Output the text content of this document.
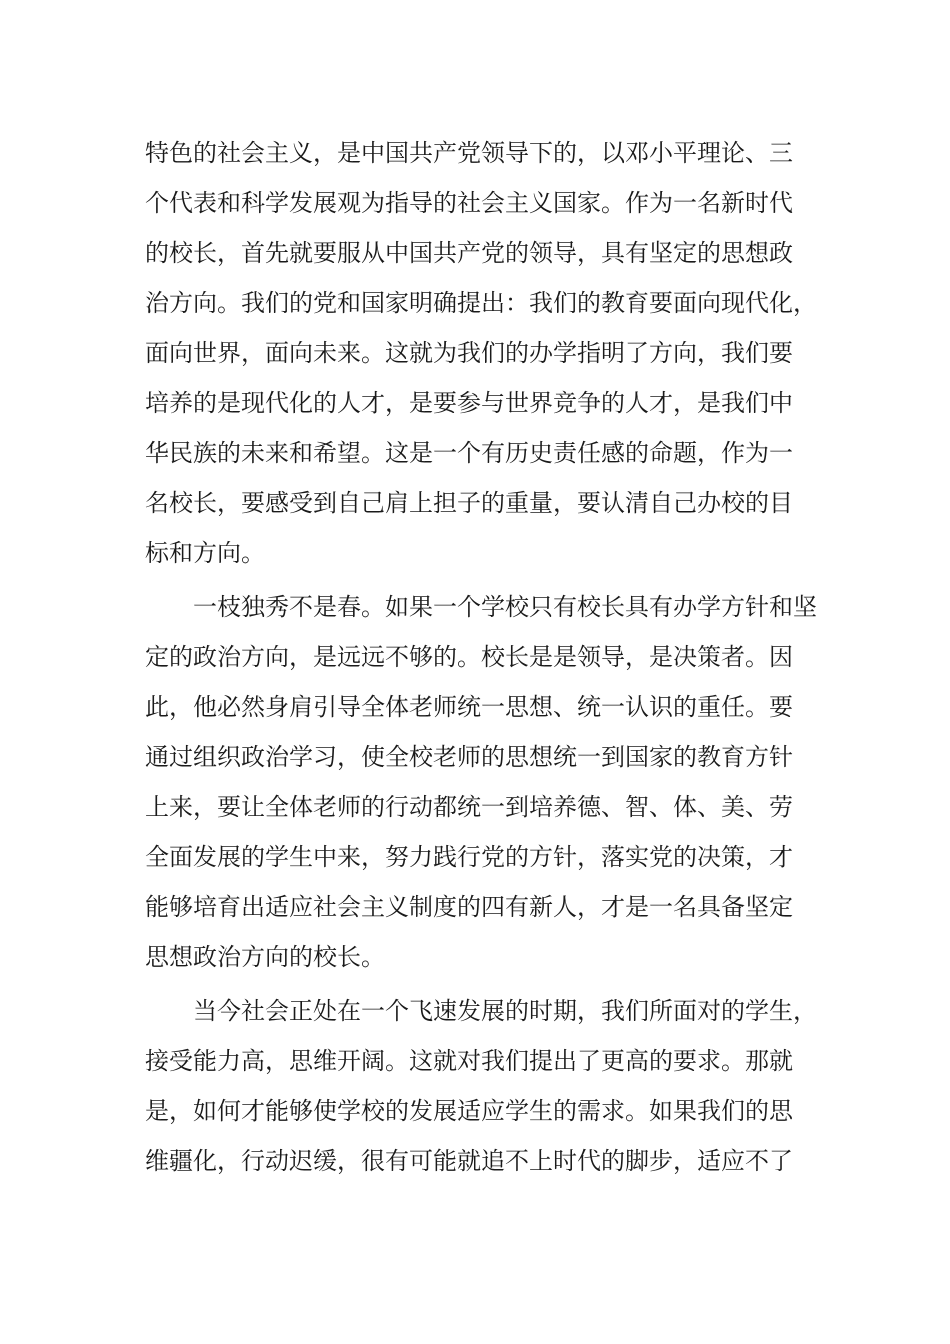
特色的社会主义，是中国共产党领导下的，以邓小平理论、三
个代表和科学发展观为指导的社会主义国家。作为一名新时代
的校长，首先就要服从中国共产党的领导，具有坚定的思想政
治方向。我们的党和国家明确提出：我们的教育要面向现代化，
面向世界，面向未来。这就为我们的办学指明了方向，我们要
培养的是现代化的人才，是要参与世界竞争的人才，是我们中
华民族的未来和希望。这是一个有历史责任感的命题，作为一
名校长，要感受到自己肩上担子的重量，要认清自己办校的目
标和方向。
　　一枝独秀不是春。如果一个学校只有校长具有办学方针和坚
定的政治方向，是远远不够的。校长是是领导，是决策者。因
此，他必然身肩引导全体老师统一思想、统一认识的重任。要
通过组织政治学习，使全校老师的思想统一到国家的教育方针
上来，要让全体老师的行动都统一到培养德、智、体、美、劳
全面发展的学生中来，努力践行党的方针，落实党的决策，才
能够培育出适应社会主义制度的四有新人，才是一名具备坚定
思想政治方向的校长。
　　当今社会正处在一个飞速发展的时期，我们所面对的学生，
接受能力高，思维开阔。这就对我们提出了更高的要求。那就
是，如何才能够使学校的发展适应学生的需求。如果我们的思
维疆化，行动迟缓，很有可能就追不上时代的脚步，适应不了
